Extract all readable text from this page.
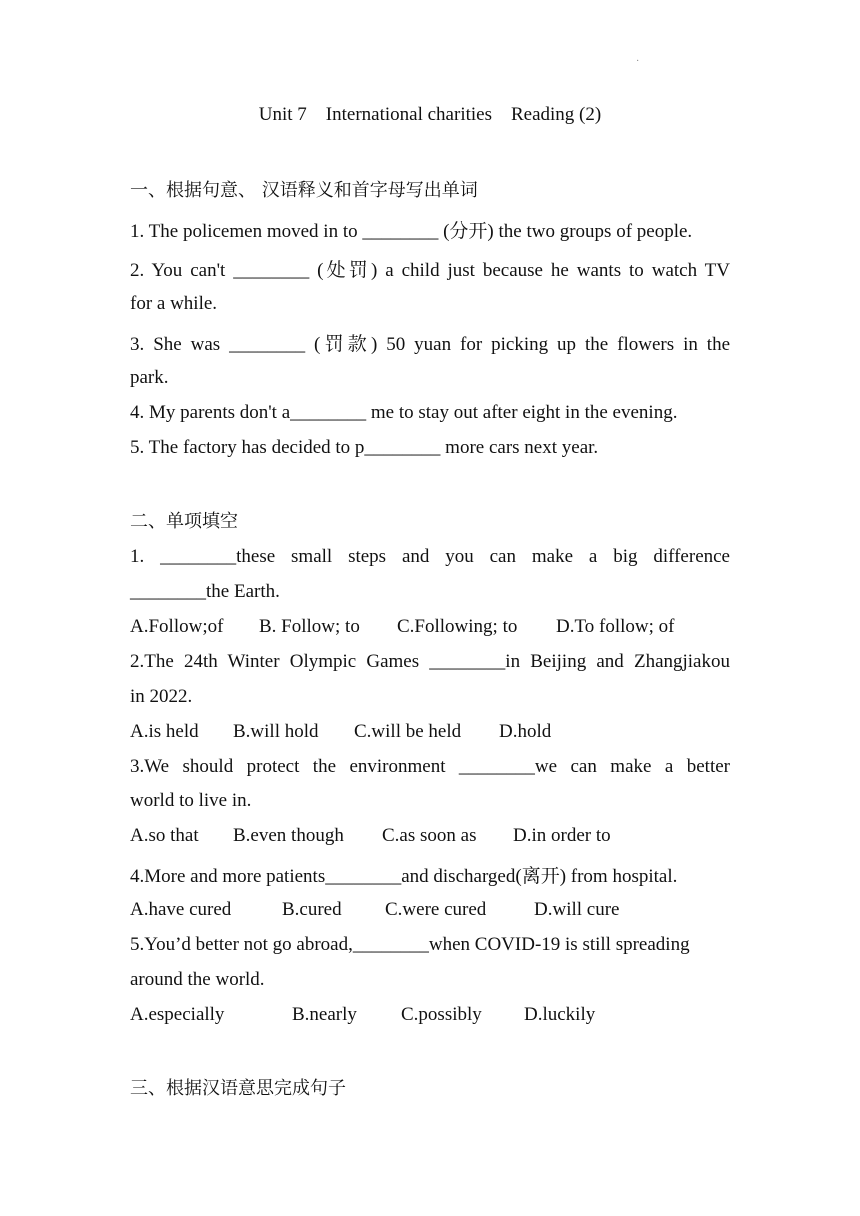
·
Unit 7    International charities    Reading (2)
一、根据句意、 汉语释义和首字母写出单词
1. The policemen moved in to ________ (分开) the two groups of people.
2. You can't ________ (处罚) a child just because he wants to watch TV
for a while.
3. She was ________ (罚款) 50 yuan for picking up the flowers in the
park.
4. My parents don't a________ me to stay out after eight in the evening.
5. The factory has decided to p________ more cars next year.
二、单项填空
1. ________these small steps and you can make a big difference
________the Earth.
A.Follow;of	B. Follow; to	C.Following; to	D.To follow; of
2.The 24th Winter Olympic Games ________in Beijing and Zhangjiakou
in 2022.
A.is held	B.will hold	C.will be held	D.hold
3.We should protect the environment ________we can make a better
world to live in.
A.so that	B.even though	C.as soon as	D.in order to
4.More and more patients________and discharged(离开) from hospital.
A.have cured	B.cured	C.were cured	D.will cure
5.You’d better not go abroad,________when COVID-19 is still spreading
around the world.
A.especially	B.nearly	C.possibly	D.luckily
三、根据汉语意思完成句子
